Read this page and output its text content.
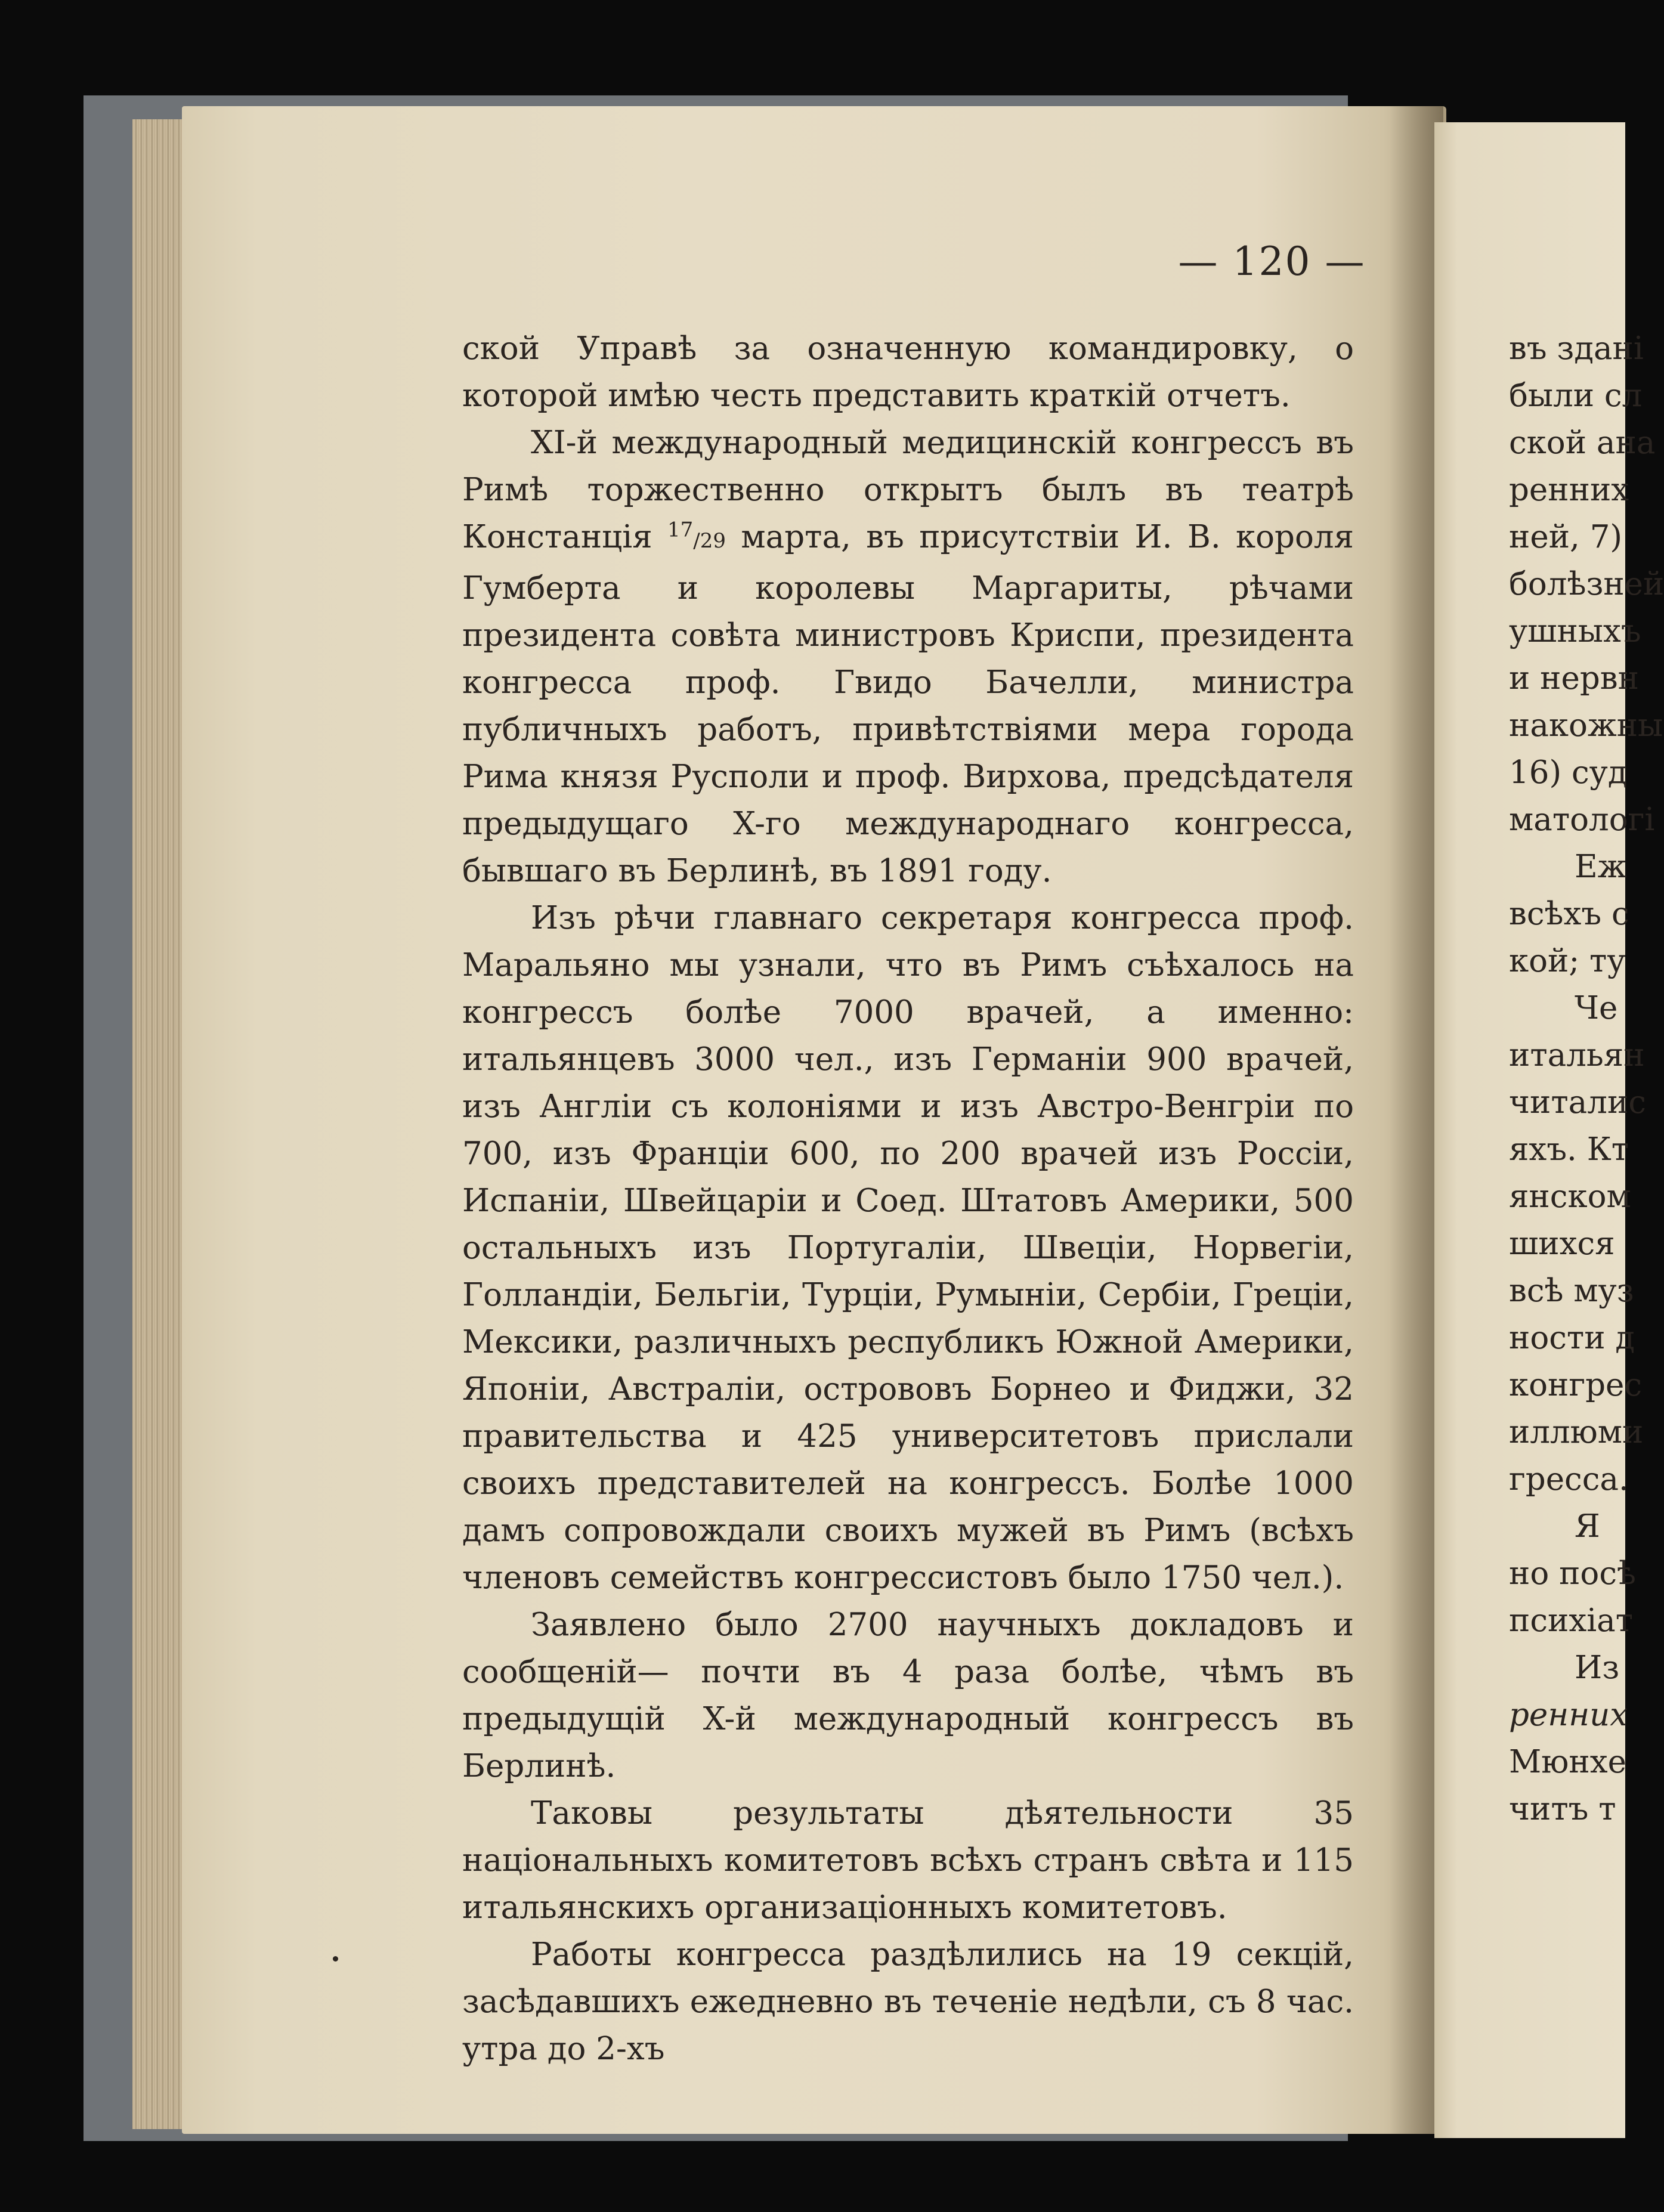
— 120 —

ской Управѣ за означенную командировку, о которой имѣю честь представить краткій отчетъ.

XI-й международный медицинскій конгрессъ въ Римѣ торжественно открытъ былъ въ театрѣ Констанція $^{17}$/29 марта, въ присутствіи И. В. короля Гумберта и королевы Маргариты, рѣчами президента совѣта министровъ Криспи, президента конгресса проф. Гвидо Бачелли, министра публичныхъ работъ, привѣтствіями мера города Рима князя Русполи и проф. Вирхова, предсѣдателя предыдущаго X-го международнаго конгресса, бывшаго въ Берлинѣ, въ 1891 году.

Изъ рѣчи главнаго секретаря конгресса проф. Маральяно мы узнали, что въ Римъ съѣхалось на конгрессъ болѣе 7000 врачей, а именно: итальянцевъ 3000 чел., изъ Германіи 900 врачей, изъ Англіи съ колоніями и изъ Австро-Венгріи по 700, изъ Франціи 600, по 200 врачей изъ Россіи, Испаніи, Швейцаріи и Соед. Штатовъ Америки, 500 остальныхъ изъ Португаліи, Швеціи, Норвегіи, Голландіи, Бельгіи, Турціи, Румыніи, Сербіи, Греціи, Мексики, различныхъ республикъ Южной Америки, Японіи, Австраліи, острововъ Борнео и Фиджи, 32 правительства и 425 университетовъ прислали своихъ представителей на конгрессъ. Болѣе 1000 дамъ сопровождали своихъ мужей въ Римъ (всѣхъ членовъ семействъ конгрессистовъ было 1750 чел.).

Заявлено было 2700 научныхъ докладовъ и сообщеній— почти въ 4 раза болѣе, чѣмъ въ предыдущій X-й международный конгрессъ въ Берлинѣ.

Таковы результаты дѣятельности 35 національныхъ комитетовъ всѣхъ странъ свѣта и 115 итальянскихъ организаціонныхъ комитетовъ.

Работы конгресса раздѣлились на 19 секцій, засѣдавшихъ ежедневно въ теченіе недѣли, съ 8 час. утра до 2-хъ

въ здані
были сл
ской ана
ренних
ней, 7)
болѣзней
ушныхъ
и нервн
накожны
16) суд
матологі
Еж
всѣхъ с
кой; ту
Че
итальян
читалис
яхъ. Кт
янском
шихся
всѣ муз
ности д
конгрес
иллюми
гресса.
Я
но посѣ
психіат
Из
ренних
Мюнхе
читъ т
